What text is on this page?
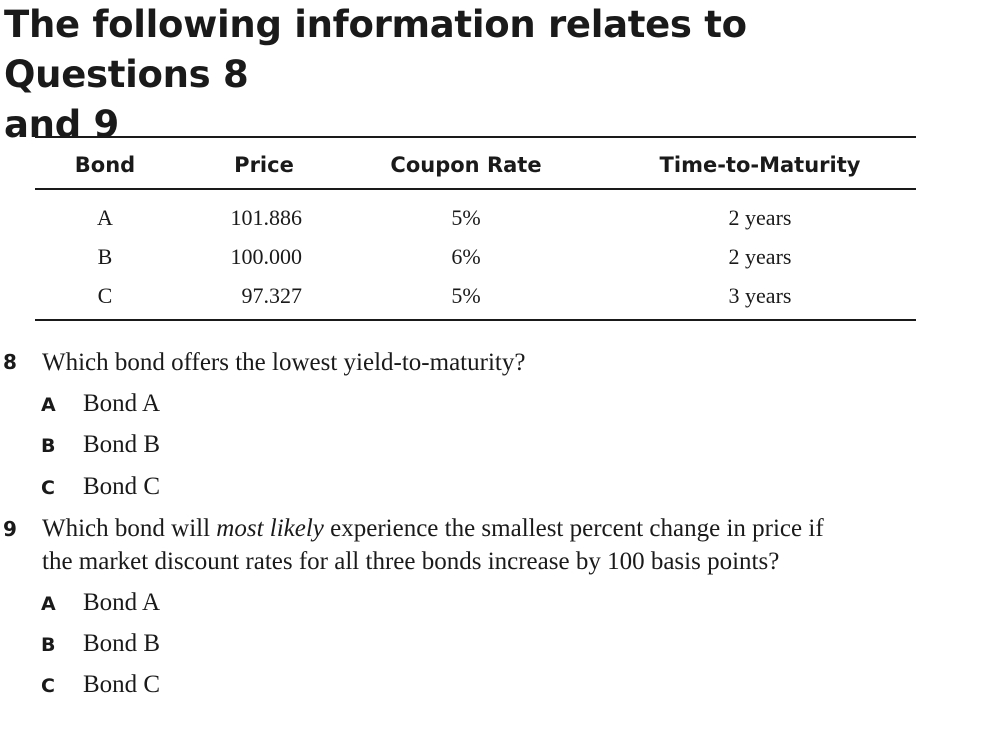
The following information relates to Questions 8
and 9
Bond	Price	Coupon Rate	Time-to-Maturity
A	101.886	5%	2 years
B	100.000	6%	2 years
C	97.327	5%	3 years
8 Which bond offers the lowest yield-to-maturity?
A Bond A
B Bond B
C Bond C
9 Which bond will most likely experience the smallest percent change in price if
the market discount rates for all three bonds increase by 100 basis points?
A Bond A
B Bond B
C Bond C
